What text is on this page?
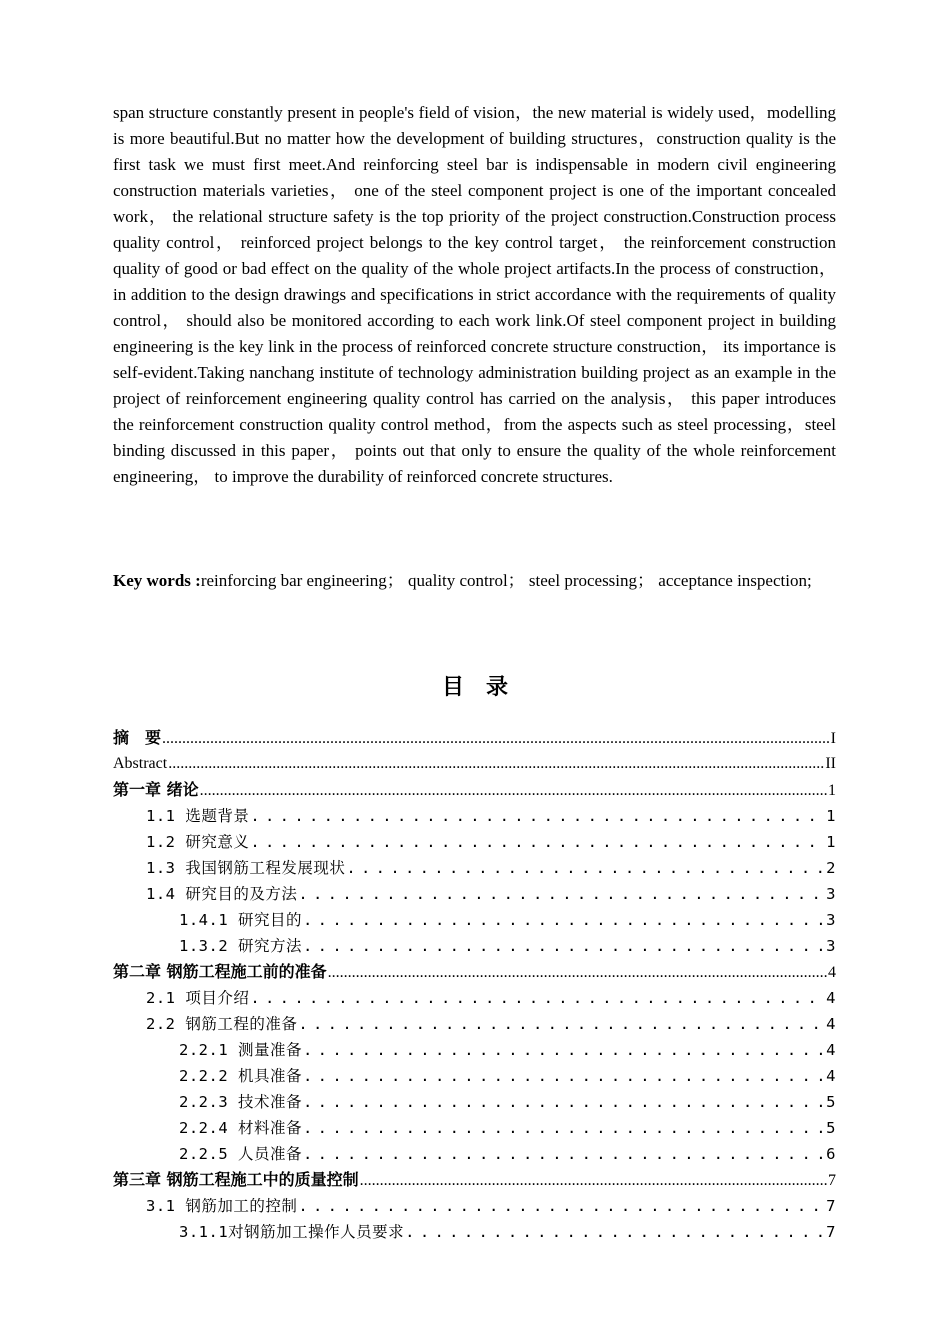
span structure constantly present in people's field of vision，the new material is widely used，modelling is more beautiful.But no matter how the development of building structures，construction quality is the first task we must first meet.And reinforcing steel bar is indispensable in modern civil engineering construction materials varieties， one of the steel component project is one of the important concealed work， the relational structure safety is the top priority of the project construction.Construction process quality control， reinforced project belongs to the key control target， the reinforcement construction quality of good or bad effect on the quality of the whole project artifacts.In the process of construction， in addition to the design drawings and specifications in strict accordance with the requirements of quality control， should also be monitored according to each work link.Of steel component project in building engineering is the key link in the process of reinforced concrete structure construction， its importance is self-evident.Taking nanchang institute of technology administration building project as an example in the project of reinforcement engineering quality control has carried on the analysis， this paper introduces the reinforcement construction quality control method，from the aspects such as steel processing，steel binding discussed in this paper， points out that only to ensure the quality of the whole reinforcement engineering， to improve the durability of reinforced concrete structures.

Key words :reinforcing bar engineering； quality control； steel processing； acceptance inspection;
目录
摘　要 .....	I
Abstract .....	II
第一章 绪论 .....	1
1.1 选题背景 . . .	1
1.2 研究意义 . . .	1
1.3 我国钢筋工程发展现状 . . .	2
1.4 研究目的及方法 . . .	3
1.4.1 研究目的 . . .	3
1.3.2 研究方法 . . .	3
第二章 钢筋工程施工前的准备 .....	4
2.1 项目介绍 . . .	4
2.2 钢筋工程的准备 . . .	4
2.2.1 测量准备 . . .	4
2.2.2 机具准备 . . .	4
2.2.3 技术准备 . . .	5
2.2.4 材料准备 . . .	5
2.2.5 人员准备 . . .	6
第三章 钢筋工程施工中的质量控制 .....	7
3.1 钢筋加工的控制 . . .	7
3.1.1对钢筋加工操作人员要求 . . .	7
